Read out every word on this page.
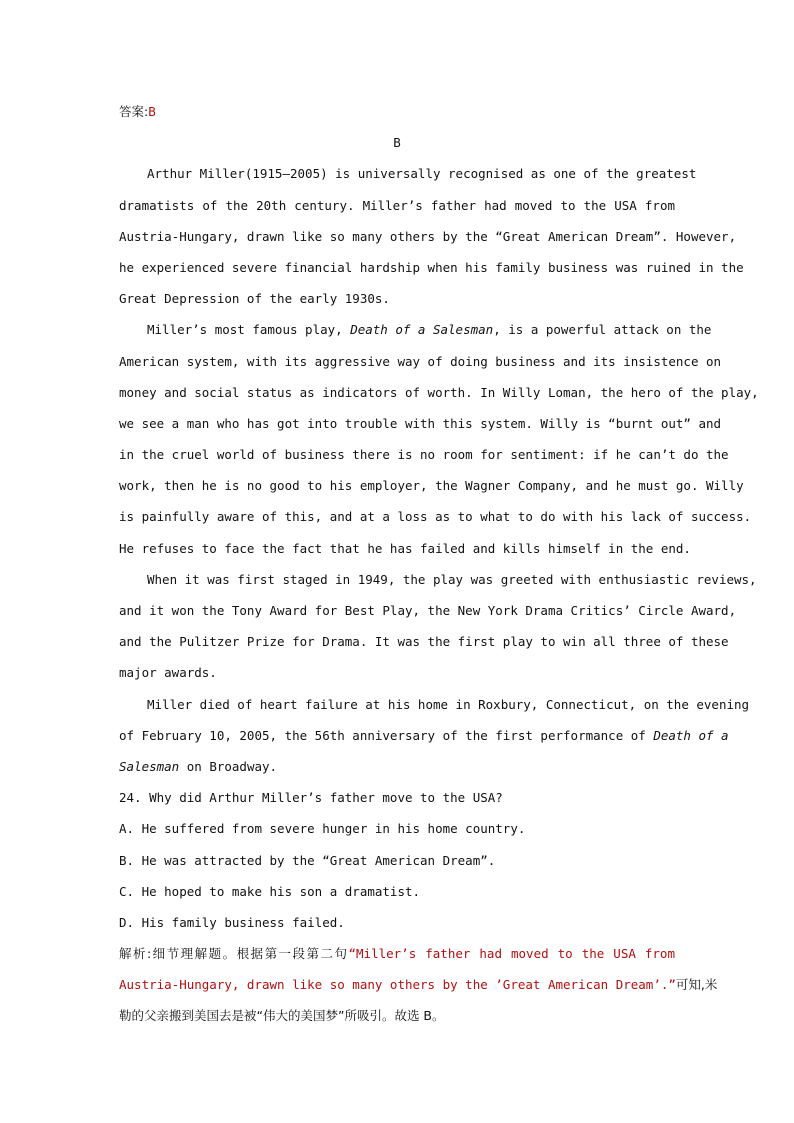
答案:B
B
Arthur Miller(1915—2005) is universally recognised as one of the greatest
dramatists of the 20th century. Miller’s father had moved to the USA from
Austria-Hungary, drawn like so many others by the “Great American Dream”. However,
he experienced severe financial hardship when his family business was ruined in the
Great Depression of the early 1930s.
Miller’s most famous play, Death of a Salesman, is a powerful attack on the
American system, with its aggressive way of doing business and its insistence on
money and social status as indicators of worth. In Willy Loman, the hero of the play,
we see a man who has got into trouble with this system. Willy is “burnt out” and
in the cruel world of business there is no room for sentiment: if he can’t do the
work, then he is no good to his employer, the Wagner Company, and he must go. Willy
is painfully aware of this, and at a loss as to what to do with his lack of success.
He refuses to face the fact that he has failed and kills himself in the end.
When it was first staged in 1949, the play was greeted with enthusiastic reviews,
and it won the Tony Award for Best Play, the New York Drama Critics’ Circle Award,
and the Pulitzer Prize for Drama. It was the first play to win all three of these
major awards.
Miller died of heart failure at his home in Roxbury, Connecticut, on the evening
of February 10, 2005, the 56th anniversary of the first performance of Death of a
Salesman on Broadway.
24. Why did Arthur Miller’s father move to the USA?
A. He suffered from severe hunger in his home country.
B. He was attracted by the “Great American Dream”.
C. He hoped to make his son a dramatist.
D. His family business failed.
解析:细节理解题。根据第一段第二句“Miller’s father had moved to the USA from
Austria-Hungary, drawn like so many others by the ’Great American Dream’.”可知,米
勒的父亲搬到美国去是被“伟大的美国梦”所吸引。故选 B。
